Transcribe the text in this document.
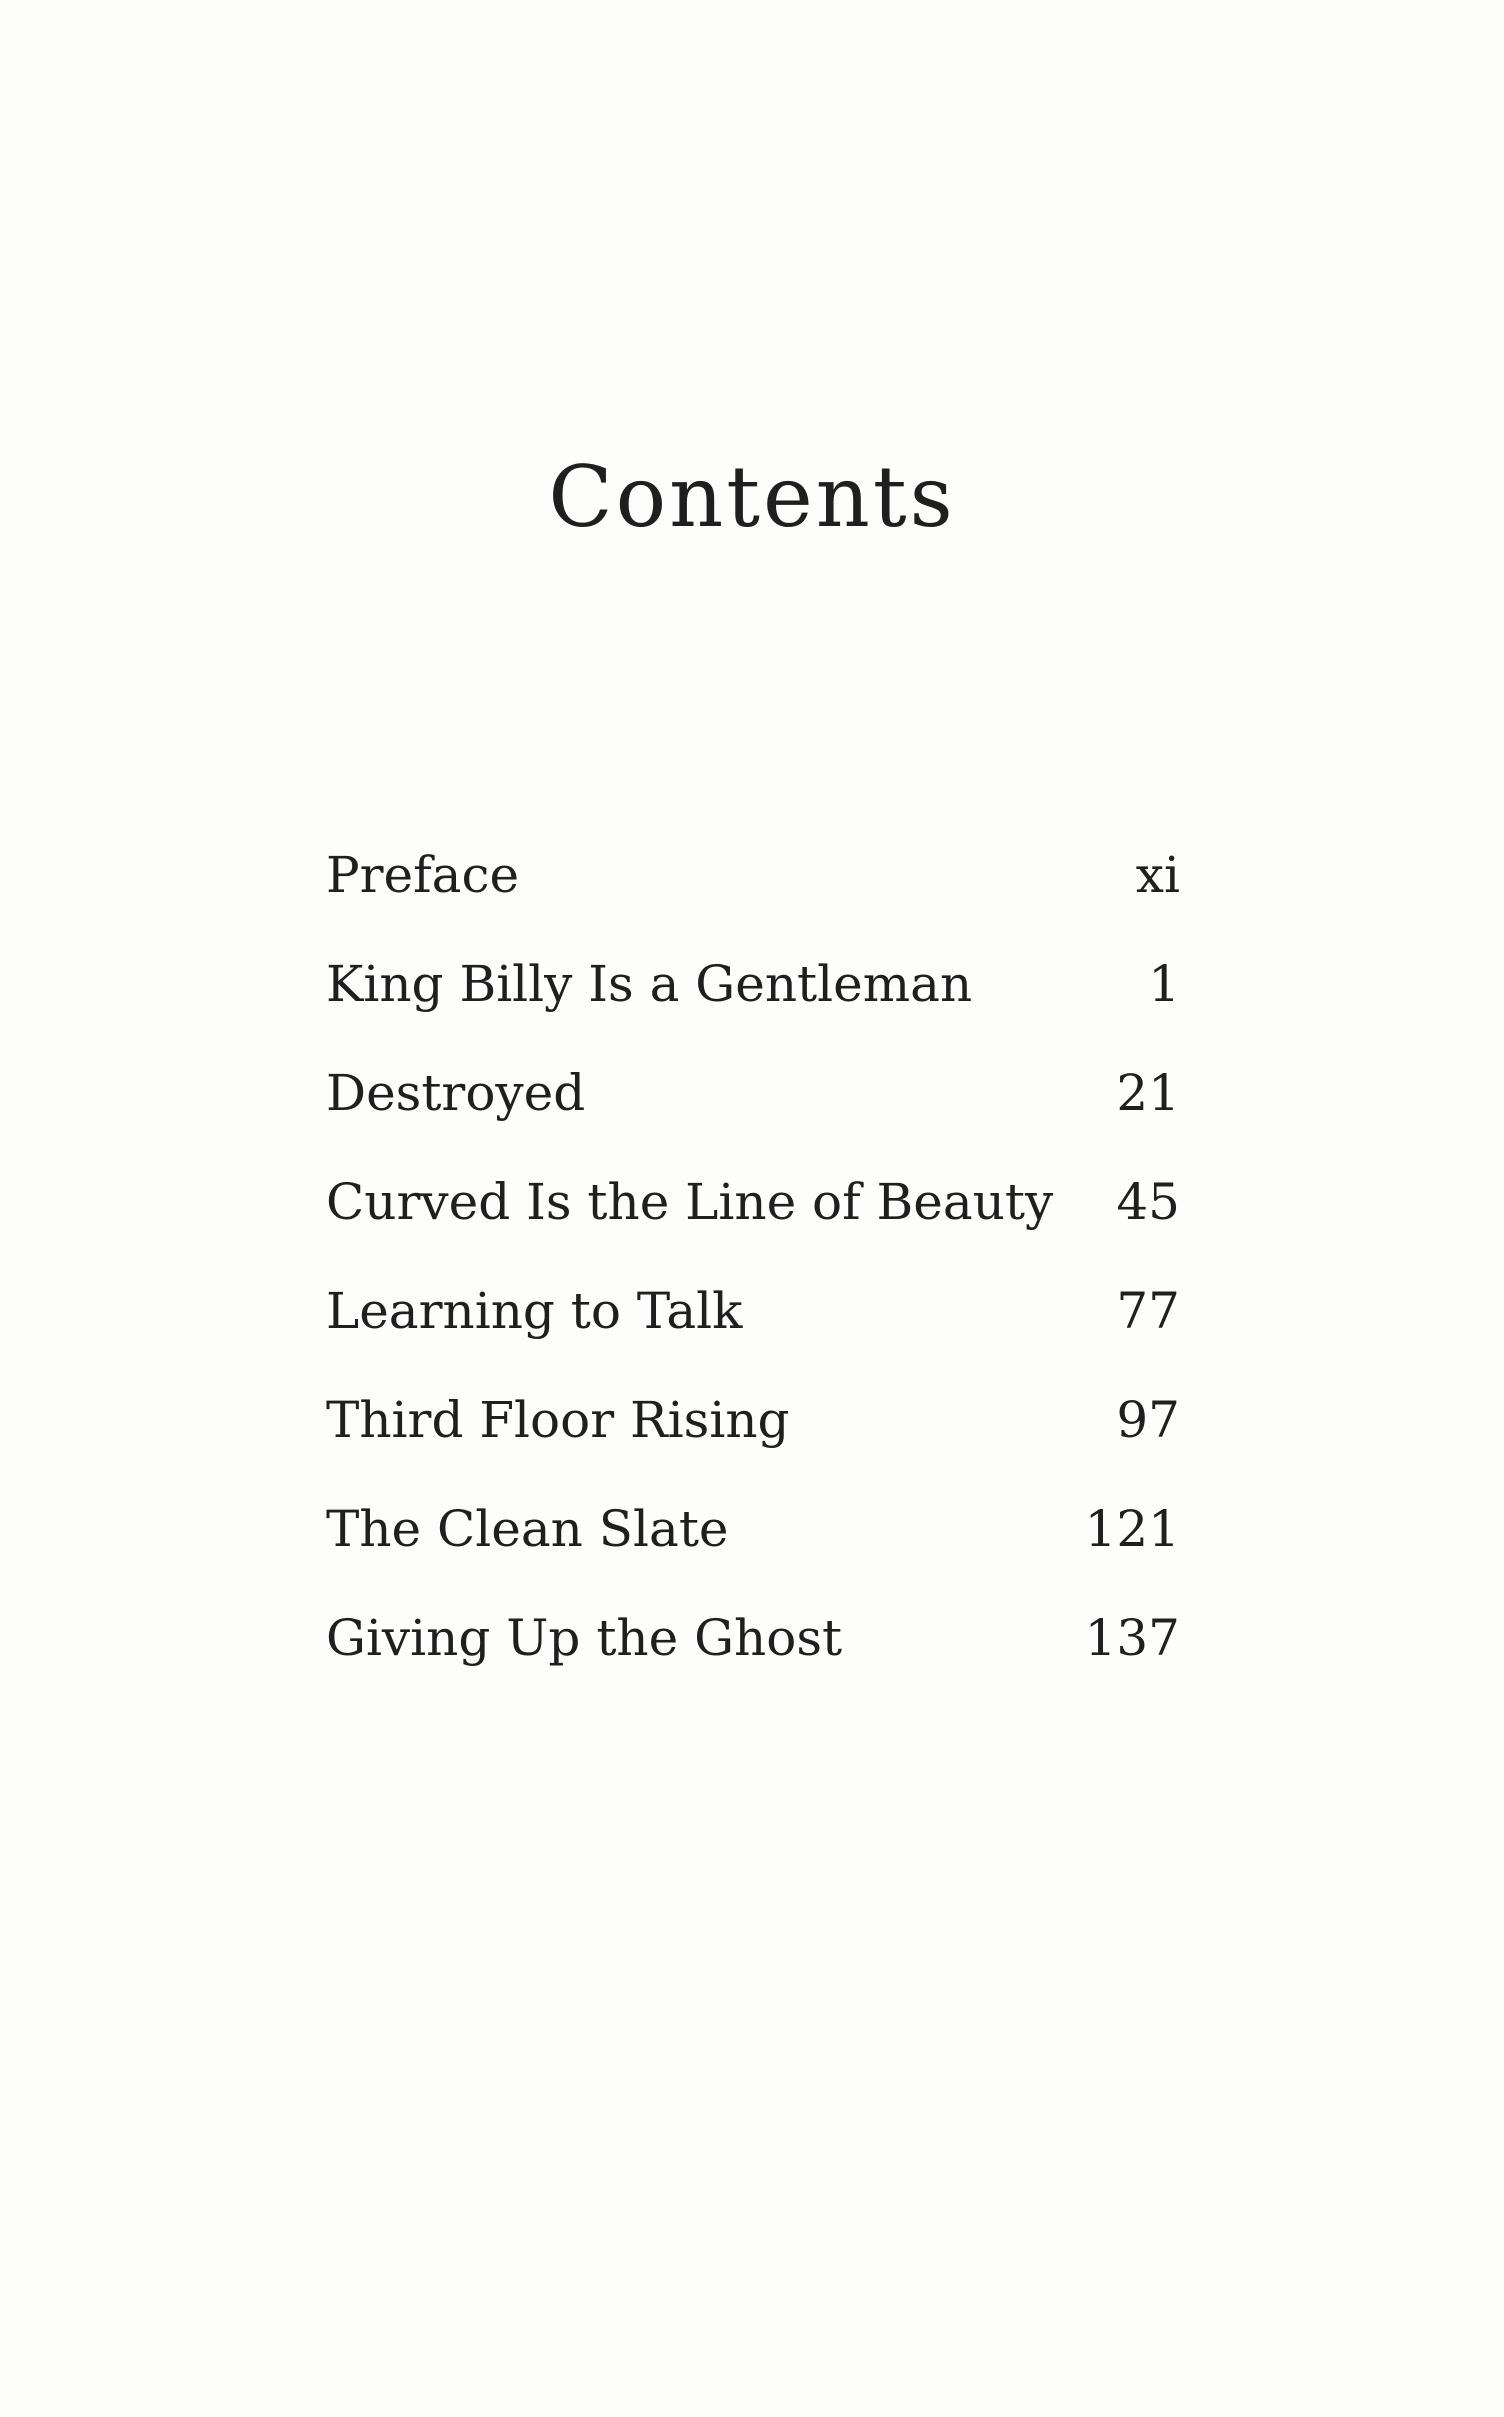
Contents
Preface	xi
King Billy Is a Gentleman	1
Destroyed	21
Curved Is the Line of Beauty 45
Learning to Talk	77
Third Floor Rising	97
The Clean Slate	121
Giving Up the Ghost	137
